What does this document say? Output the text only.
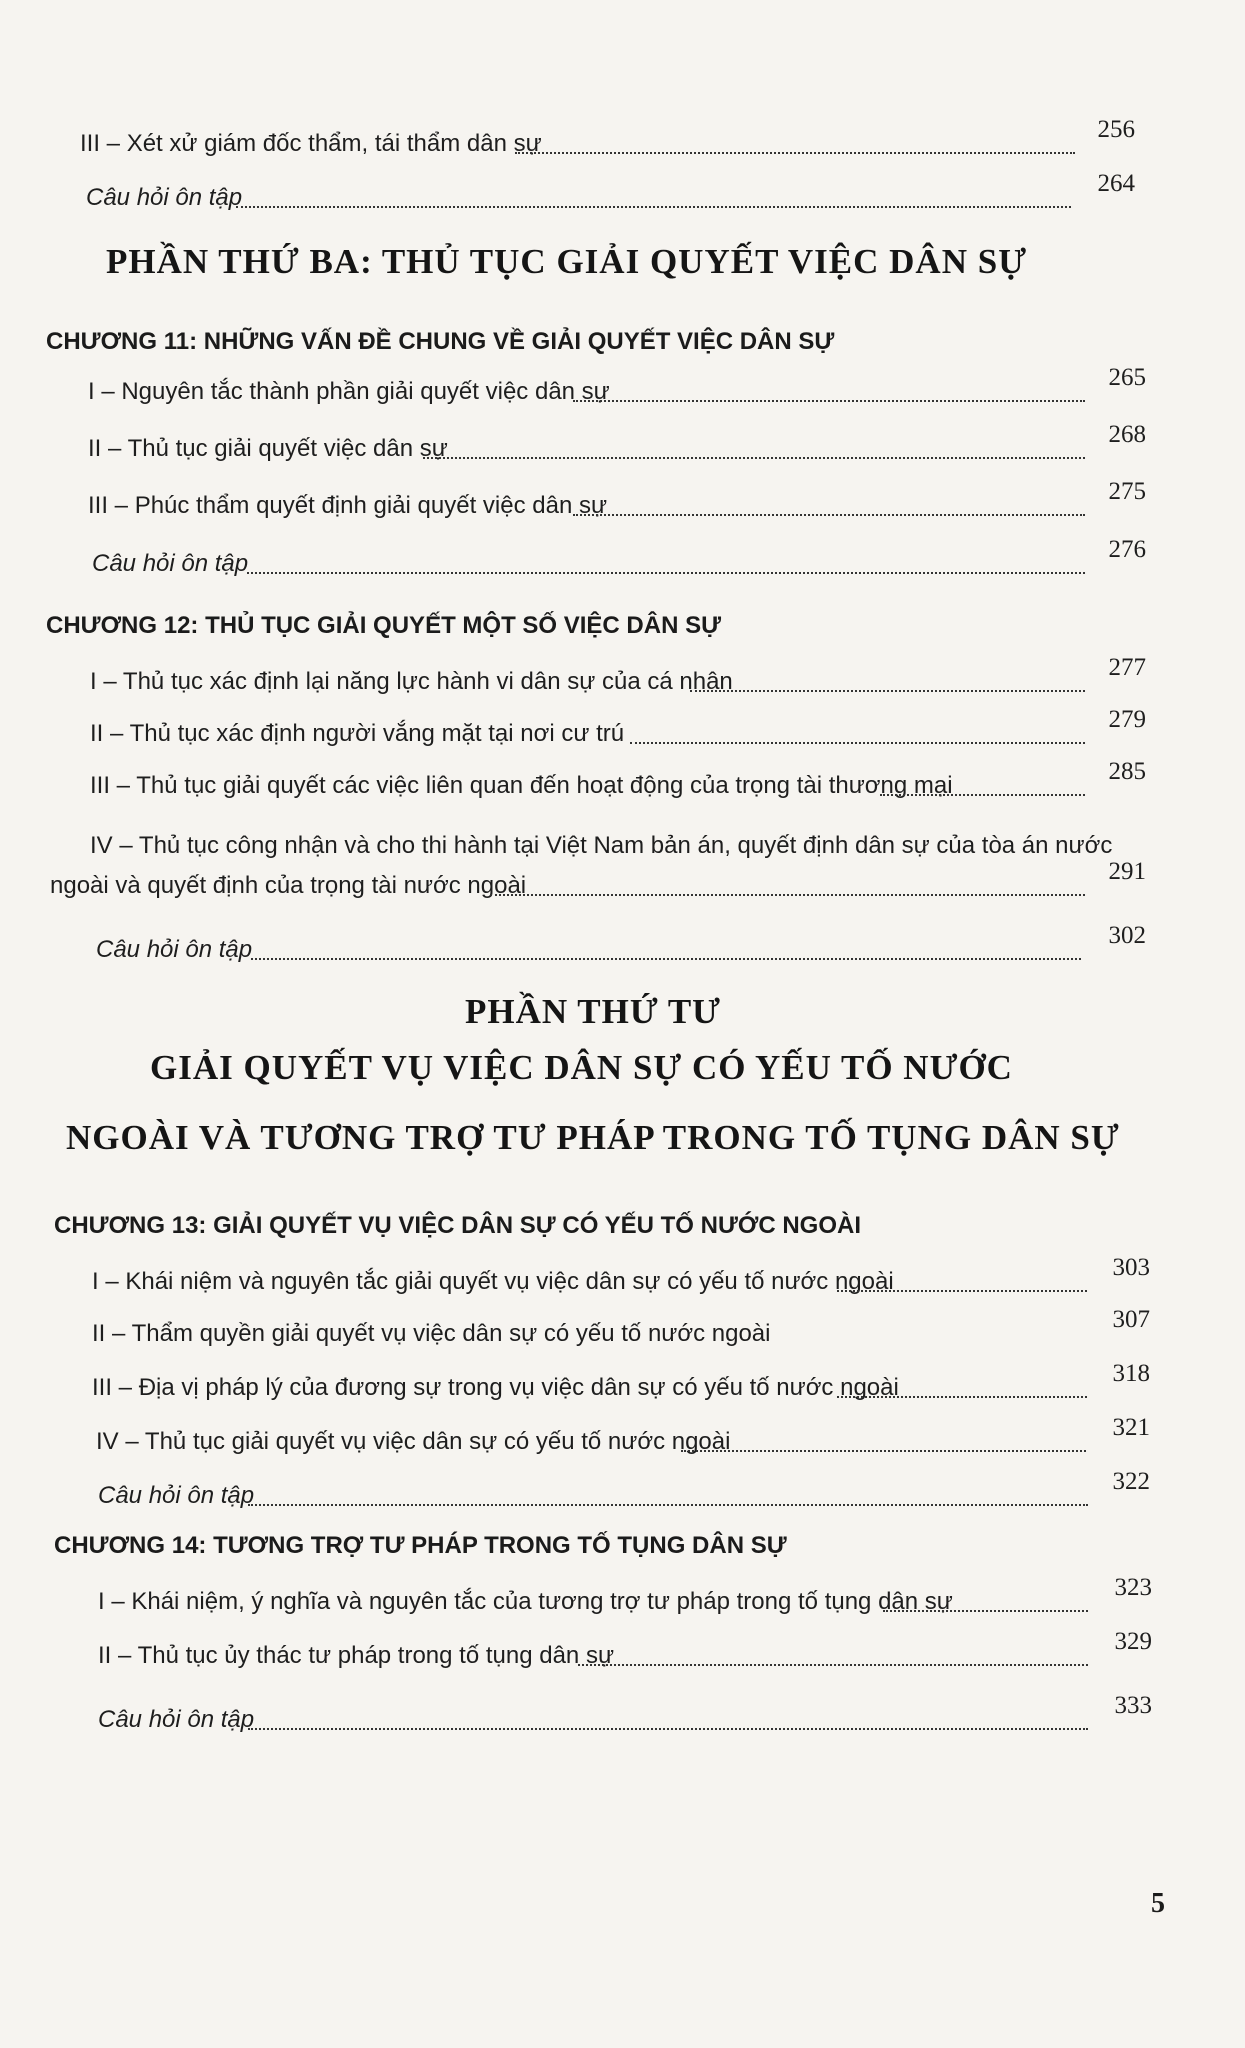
III – Xét xử giám đốc thẩm, tái thẩm dân sự
256
Câu hỏi ôn tập
264
PHẦN THỨ BA: THỦ TỤC GIẢI QUYẾT VIỆC DÂN SỰ
CHƯƠNG 11: NHỮNG VẤN ĐỀ CHUNG VỀ GIẢI QUYẾT VIỆC DÂN SỰ
I – Nguyên tắc thành phần giải quyết việc dân sự
265
II – Thủ tục giải quyết việc dân sự
268
III – Phúc thẩm quyết định giải quyết việc dân sự
275
Câu hỏi ôn tập
276
CHƯƠNG 12: THỦ TỤC GIẢI QUYẾT MỘT SỐ VIỆC DÂN SỰ
I – Thủ tục xác định lại năng lực hành vi dân sự của cá nhân
277
II – Thủ tục xác định người vắng mặt tại nơi cư trú
279
III – Thủ tục giải quyết các việc liên quan đến hoạt động của trọng tài thương mại
285
IV – Thủ tục công nhận và cho thi hành tại Việt Nam bản án, quyết định dân sự của tòa án nước
ngoài và quyết định của trọng tài nước ngoài
291
Câu hỏi ôn tập
302
PHẦN THỨ TƯ
GIẢI QUYẾT VỤ VIỆC DÂN SỰ CÓ YẾU TỐ NƯỚC
NGOÀI VÀ TƯƠNG TRỢ TƯ PHÁP TRONG TỐ TỤNG DÂN SỰ
CHƯƠNG 13: GIẢI QUYẾT VỤ VIỆC DÂN SỰ CÓ YẾU TỐ NƯỚC NGOÀI
I – Khái niệm và nguyên tắc giải quyết vụ việc dân sự có yếu tố nước ngoài
303
II – Thẩm quyền giải quyết vụ việc dân sự có yếu tố nước ngoài
307
III – Địa vị pháp lý của đương sự trong vụ việc dân sự có yếu tố nước ngoài
318
IV – Thủ tục giải quyết vụ việc dân sự có yếu tố nước ngoài
321
Câu hỏi ôn tập
322
CHƯƠNG 14: TƯƠNG TRỢ TƯ PHÁP TRONG TỐ TỤNG DÂN SỰ
I – Khái niệm, ý nghĩa và nguyên tắc của tương trợ tư pháp trong tố tụng dân sự
323
II – Thủ tục ủy thác tư pháp trong tố tụng dân sự
329
Câu hỏi ôn tập
333
5
